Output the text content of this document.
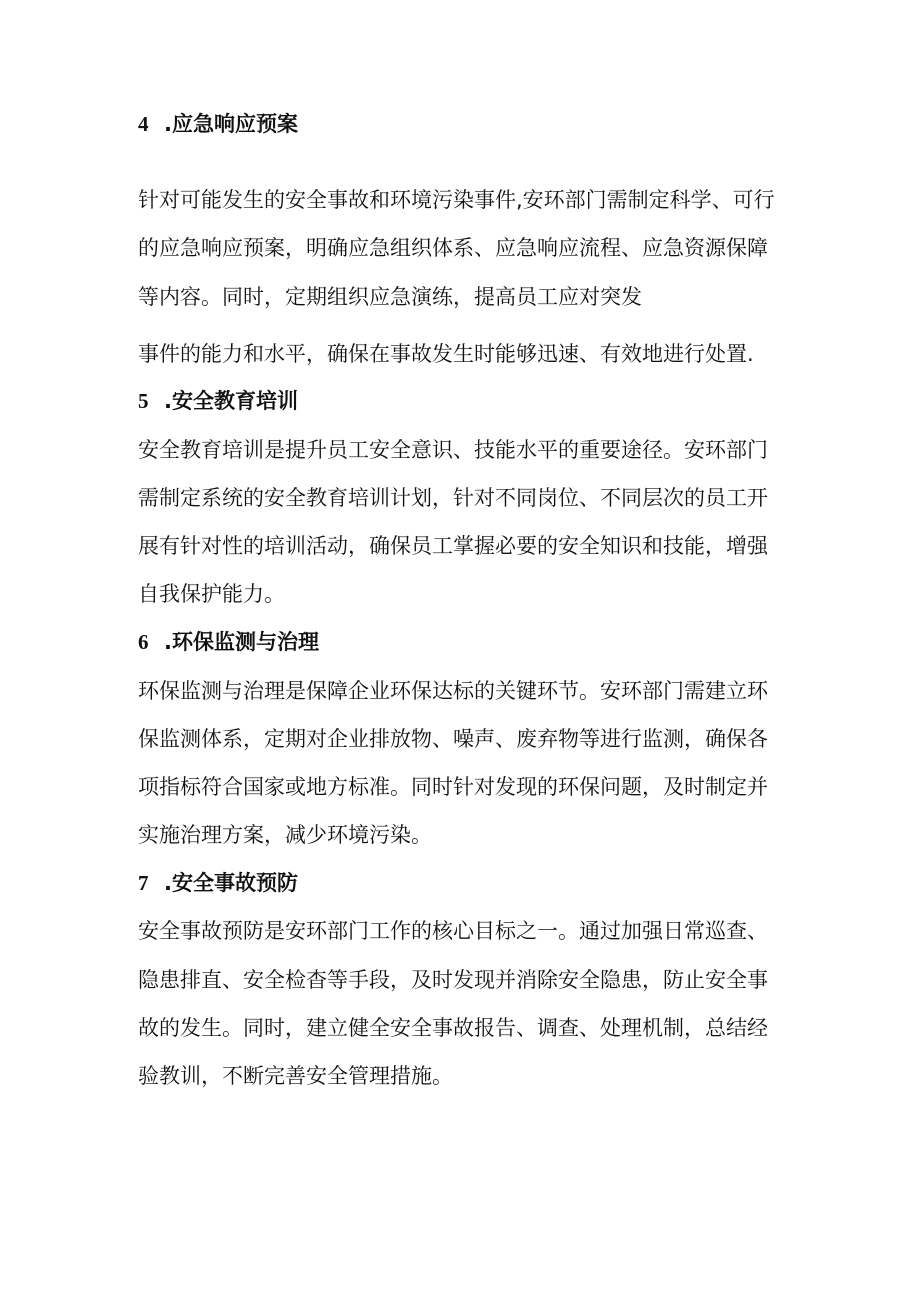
4 .应急响应预案
针对可能发生的安全事故和环境污染事件,安环部门需制定科学、可行
的应急响应预案，明确应急组织体系、应急响应流程、应急资源保障
等内容。同时，定期组织应急演练，提高员工应对突发
事件的能力和水平，确保在事故发生时能够迅速、有效地进行处置.
5 .安全教育培训
安全教育培训是提升员工安全意识、技能水平的重要途径。安环部门
需制定系统的安全教育培训计划，针对不同岗位、不同层次的员工开
展有针对性的培训活动，确保员工掌握必要的安全知识和技能，增强
自我保护能力。
6 .环保监测与治理
环保监测与治理是保障企业环保达标的关键环节。安环部门需建立环
保监测体系，定期对企业排放物、噪声、废弃物等进行监测，确保各
项指标符合国家或地方标准。同时针对发现的环保问题，及时制定并
实施治理方案，减少环境污染。
7 .安全事故预防
安全事故预防是安环部门工作的核心目标之一。通过加强日常巡查、
隐患排直、安全检杳等手段，及时发现并消除安全隐患，防止安全事
故的发生。同时，建立健全安全事故报告、调查、处理机制，总结经
验教训，不断完善安全管理措施。
